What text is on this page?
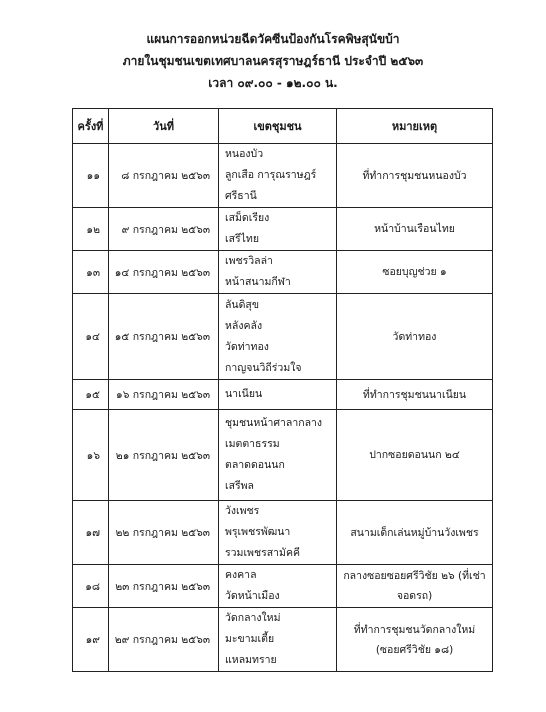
แผนการออกหน่วยฉีดวัคซีนป้องกันโรคพิษสุนัขบ้า
ภายในชุมชนเขตเทศบาลนครสุราษฎร์ธานี ประจำปี ๒๕๖๓
เวลา ๐๙.๐๐ - ๑๒.๐๐ น.
ครั้งที่	วันที่	เขตชุมชน	หมายเหตุ
๑๑	๘ กรกฎาคม ๒๕๖๓	หนองบัว
ลูกเสือ การุณราษฎร์
ศรีธานี	ที่ทำการชุมชนหนองบัว

๑๒	๙ กรกฎาคม ๒๕๖๓	เสม็ดเรียง
เสรีไทย	หน้าบ้านเรือนไทย

๑๓	๑๔ กรกฎาคม ๒๕๖๓	เพชรวิลล่า
หน้าสนามกีฬา	ซอยบุญช่วย ๑

๑๔	๑๕ กรกฎาคม ๒๕๖๓	ลันดิสุข
หลังคลัง
วัดท่าทอง
กาญจนวิถีร่วมใจ	วัดท่าทอง

๑๕	๑๖ กรกฎาคม ๒๕๖๓	นาเนียน	ที่ทำการชุมชนนาเนียน

๑๖	๒๑ กรกฎาคม ๒๕๖๓	ชุมชนหน้าศาลากลาง
เมตตาธรรม
ตลาดดอนนก
เสรีพล	ปากซอยดอนนก ๒๔

๑๗	๒๒ กรกฎาคม ๒๕๖๓	วังเพชร
พรุเพชรพัฒนา
รวมเพชรสามัคคี	สนามเด็กเล่นหมู่บ้านวังเพชร

๑๘	๒๓ กรกฎาคม ๒๕๖๓	คงคาล
วัดหน้าเมือง	กลางซอยซอยศรีวิชัย ๒๖ (ที่เช่าจอดรถ)

๑๙	๒๙ กรกฎาคม ๒๕๖๓	วัดกลางใหม่
มะขามเตี้ย
แหลมทราย	ที่ทำการชุมชนวัดกลางใหม่
(ซอยศรีวิชัย ๑๘)
